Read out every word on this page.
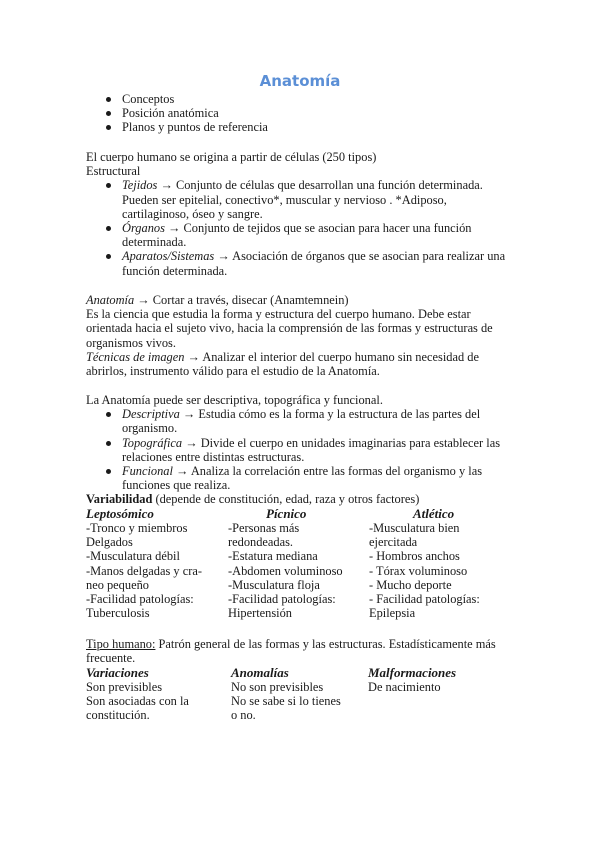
Anatomía
Conceptos
Posición anatómica
Planos y puntos de referencia

El cuerpo humano se origina a partir de células (250 tipos)

Estructural

Tejidos → Conjunto de células que desarrollan una función determinada. Pueden ser epitelial, conectivo*, muscular y nervioso . *Adiposo, cartilaginoso, óseo y sangre.
Órganos → Conjunto de tejidos que se asocian para hacer una función determinada.
Aparatos/Sistemas → Asociación de órganos que se asocian para realizar una función determinada.

Anatomía → Cortar a través, disecar (Anamtemnein)

Es la ciencia que estudia la forma y estructura del cuerpo humano. Debe estar orientada hacia el sujeto vivo, hacia la comprensión de las formas y estructuras de organismos vivos.

Técnicas de imagen → Analizar el interior del cuerpo humano sin necesidad de abrirlos, instrumento válido para el estudio de la Anatomía.

La Anatomía puede ser descriptiva, topográfica y funcional.

Descriptiva → Estudia cómo es la forma y la estructura de las partes del organismo.
Topográfica → Divide el cuerpo en unidades imaginarias para establecer las relaciones entre distintas estructuras.
Funcional → Analiza la correlación entre las formas del organismo y las funciones que realiza.

Variabilidad (depende de constitución, edad, raza y otros factores)

Leptosómico
-Tronco y miembros
Delgados
-Musculatura débil
-Manos delgadas y cra-
neo pequeño
-Facilidad patologías:
Tuberculosis
Pícnico
-Personas más
redondeadas.
-Estatura mediana
-Abdomen voluminoso
-Musculatura floja
-Facilidad patologías:
Hipertensión
Atlético
-Musculatura bien
ejercitada
- Hombros anchos
- Tórax voluminoso
- Mucho deporte
- Facilidad patologías:
Epilepsia

Tipo humano: Patrón general de las formas y las estructuras. Estadísticamente más frecuente.

Variaciones
Son previsibles
Son asociadas con la
constitución.
Anomalías
No son previsibles
No se sabe si lo tienes
o no.
Malformaciones
De nacimiento
